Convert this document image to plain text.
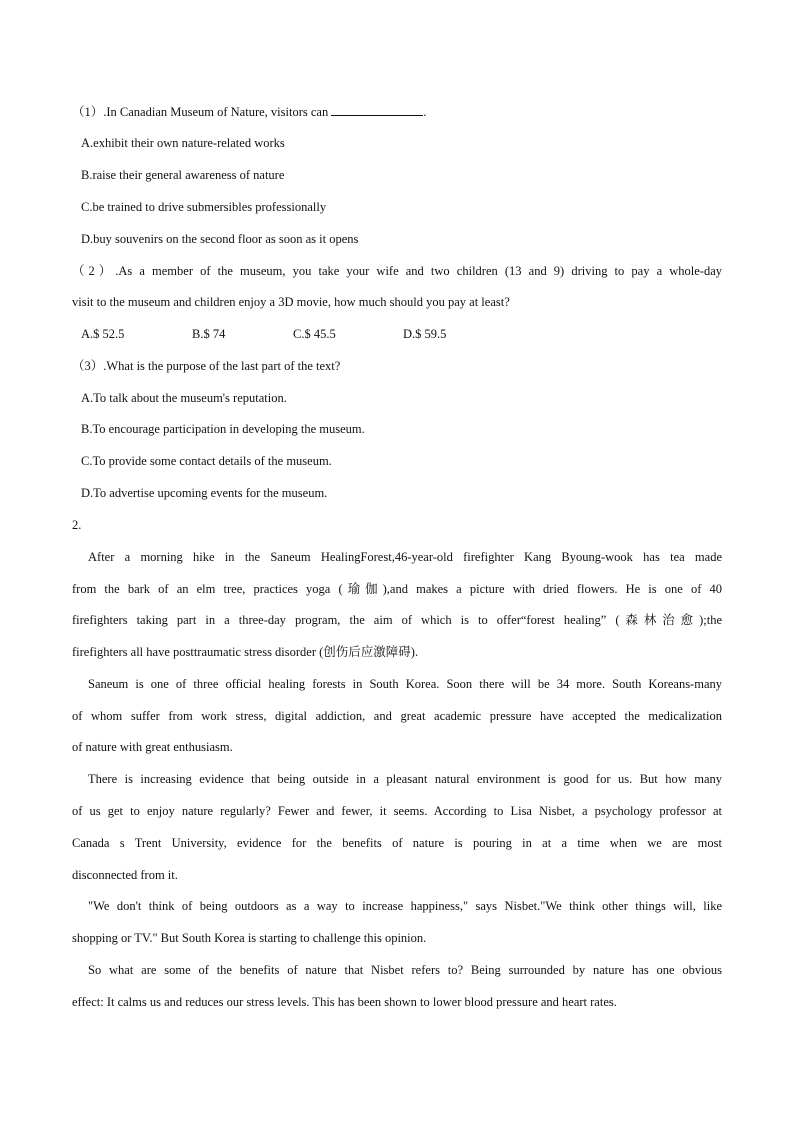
（1）.In Canadian Museum of Nature, visitors can	.
A.exhibit their own nature-related works
B.raise their general awareness of nature
C.be trained to drive submersibles professionally
D.buy souvenirs on the second floor as soon as it opens
（2）.As a member of the museum, you take your wife and two children (13 and 9) driving to pay a whole-day
visit to the museum and children enjoy a 3D movie, how much should you pay at least?
A.$ 52.5	B.$ 74	C.$ 45.5	D.$ 59.5
（3）.What is the purpose of the last part of the text?
A.To talk about the museum's reputation.
B.To encourage participation in developing the museum.
C.To provide some contact details of the museum.
D.To advertise upcoming events for the museum.
2.
After a morning hike in the Saneum HealingForest,46-year-old firefighter Kang Byoung-wook has tea made
from the bark of an elm tree, practices yoga (瑜伽),and makes a picture with dried flowers. He is one of 40
firefighters taking part in a three-day program, the aim of which is to offer“forest healing” (森林治愈);the
firefighters all have posttraumatic stress disorder (创伤后应激障碍).
Saneum is one of three official healing forests in South Korea. Soon there will be 34 more. South Koreans-many
of whom suffer from work stress, digital addiction, and great academic pressure have accepted the medicalization
of nature with great enthusiasm.
There is increasing evidence that being outside in a pleasant natural environment is good for us. But how many
of us get to enjoy nature regularly? Fewer and fewer, it seems. According to Lisa Nisbet, a psychology professor at
Canada s Trent University, evidence for the benefits of nature is pouring in at a time when we are most
disconnected from it.
"We don't think of being outdoors as a way to increase happiness," says Nisbet."We think other things will, like
shopping or TV." But South Korea is starting to challenge this opinion.
So what are some of the benefits of nature that Nisbet refers to? Being surrounded by nature has one obvious
effect: It calms us and reduces our stress levels. This has been shown to lower blood pressure and heart rates.
